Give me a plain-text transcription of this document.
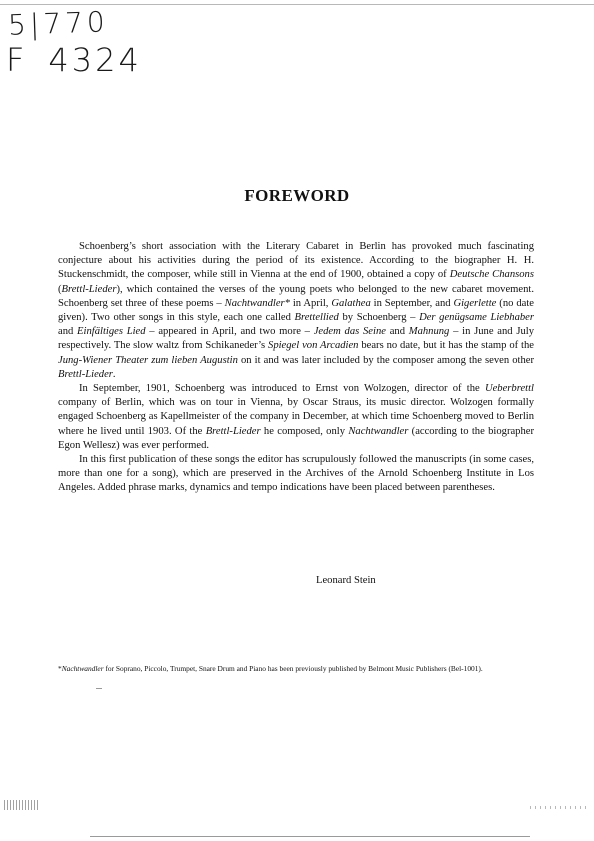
5|770
F 4324
FOREWORD

Schoenberg’s short association with the Literary Cabaret in Berlin has provoked much fascinating conjecture about his activities during the period of its existence. According to the biographer H. H. Stuckenschmidt, the composer, while still in Vienna at the end of 1900, obtained a copy of Deutsche Chansons (Brettl-Lieder), which contained the verses of the young poets who belonged to the new cabaret movement. Schoenberg set three of these poems – Nachtwandler* in April, Galathea in September, and Gigerlette (no date given). Two other songs in this style, each one called Brettellied by Schoenberg – Der genügsame Liebhaber and Einfältiges Lied – appeared in April, and two more – Jedem das Seine and Mahnung – in June and July respectively. The slow waltz from Schikaneder’s Spiegel von Arcadien bears no date, but it has the stamp of the Jung-Wiener Theater zum lieben Augustin on it and was later included by the composer among the seven other Brettl-Lieder.

In September, 1901, Schoenberg was introduced to Ernst von Wolzogen, director of the Ueberbrettl company of Berlin, which was on tour in Vienna, by Oscar Straus, its music director. Wolzogen formally engaged Schoenberg as Kapellmeister of the company in December, at which time Schoenberg moved to Berlin where he lived until 1903. Of the Brettl-Lieder he composed, only Nachtwandler (according to the biographer Egon Wellesz) was ever performed.

In this first publication of these songs the editor has scrupulously followed the manuscripts (in some cases, more than one for a song), which are preserved in the Archives of the Arnold Schoenberg Institute in Los Angeles. Added phrase marks, dynamics and tempo indications have been placed between parentheses.

Leonard Stein
*Nachtwandler for Soprano, Piccolo, Trumpet, Snare Drum and Piano has been previously published by Belmont Music Publishers (Bel-1001).
